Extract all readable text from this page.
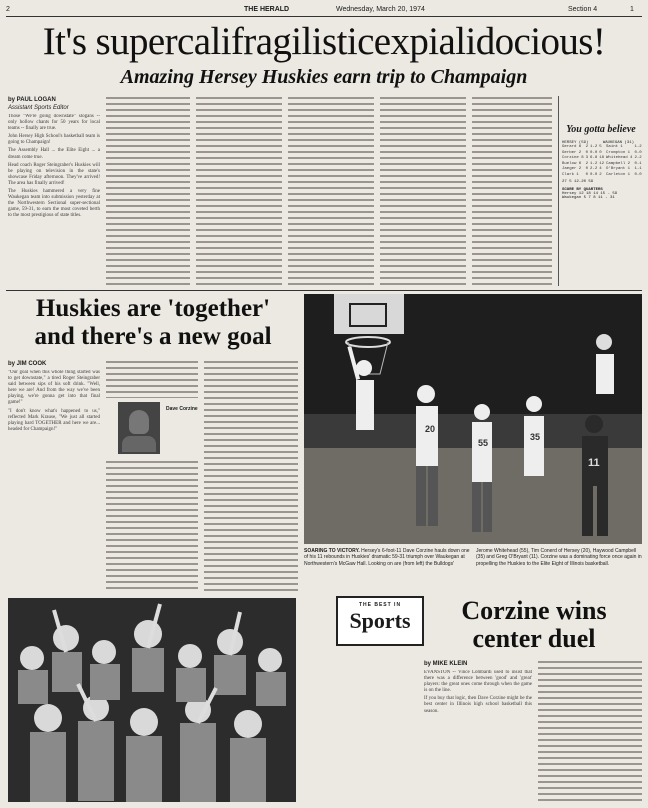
2	THE HERALD	Wednesday, March 20, 1974	Section 4	1
It's supercalifragilisticexpialidocious!
Amazing Hersey Huskies earn trip to Champaign
by PAUL LOGAN
Assistant Sports Editor

Those "We're going downstate" slogans -- only hollow chants for 50 years for local teams -- finally are true.

John Hersey High School's basketball team is going to Champaign!

The Assembly Hall ... the Elite Eight ... a dream come true.

Head coach Roger Steingraber's Huskies will be playing on television in the state's showcase Friday afternoon. They've arrived! The area has finally arrived!

The Huskies hammered a very fine Waukegan team into submission yesterday at the Northwestern Sectional super-sectional game, 59-31, to earn the most coveted berth to the most prestigious of state titles.

You gotta believe
HERSEY (59)	WAUKEGAN (31)
Gerard 6	2	1-2	5	Saint 1	1-2
Gerber 2	0	0-0	0	Crompton 1	0-0
Corzine 8	3	6-8	18	Whitehead 4	2-2
Buelow 6	2	1-2	12	Campbell 2	0-1
Jaeger 2	0	2-2	4	O'Bryant 1	1-1
Clark 1	0	0-0	2	Carleton 1	0-0
27 5 12-20 59
SCORE BY QUARTERS
Hersey 12 18 14 15 - 59
Waukegan 5 7 8 11 - 31
Huskies are 'together'
and there's a new goal
by JIM COOK

"Our goal when this whole thing started was to get downstate," a tired Roger Steingraber said between sips of his soft drink. "Well, here we are! And from the way we've been playing, we're gonna get into that final game!"

"I don't know what's happened to us," reflected Mark Krause, "We just all started playing hard TOGETHER and here we are... headed for Champaign!"

Dave Corzine
20
11
55
35
SOARING TO VICTORY. Hersey's 6-foot-11 Dave Corzine hauls down one of his 11 rebounds in Huskies' dramatic 59-31 triumph over Waukegan at Northwestern's McGaw Hall. Looking on are (from left) the Bulldogs'
Jerome Whitehead (55), Tim Conerd of Hersey (20), Haywood Campbell (35) and Greg O'Bryant (11). Corzine was a dominating force once again in propelling the Huskies to the Elite Eight of Illinois basketball.
THE BEST IN
Sports	Corzine wins
center duel
by MIKE KLEIN

EVANSTON -- Vince Lombardi used to insist that there was a difference between 'good' and 'great' players: the great ones come through when the game is on the line.

If you buy that logic, then Dave Corzine might be the best center in Illinois high school basketball this season.
